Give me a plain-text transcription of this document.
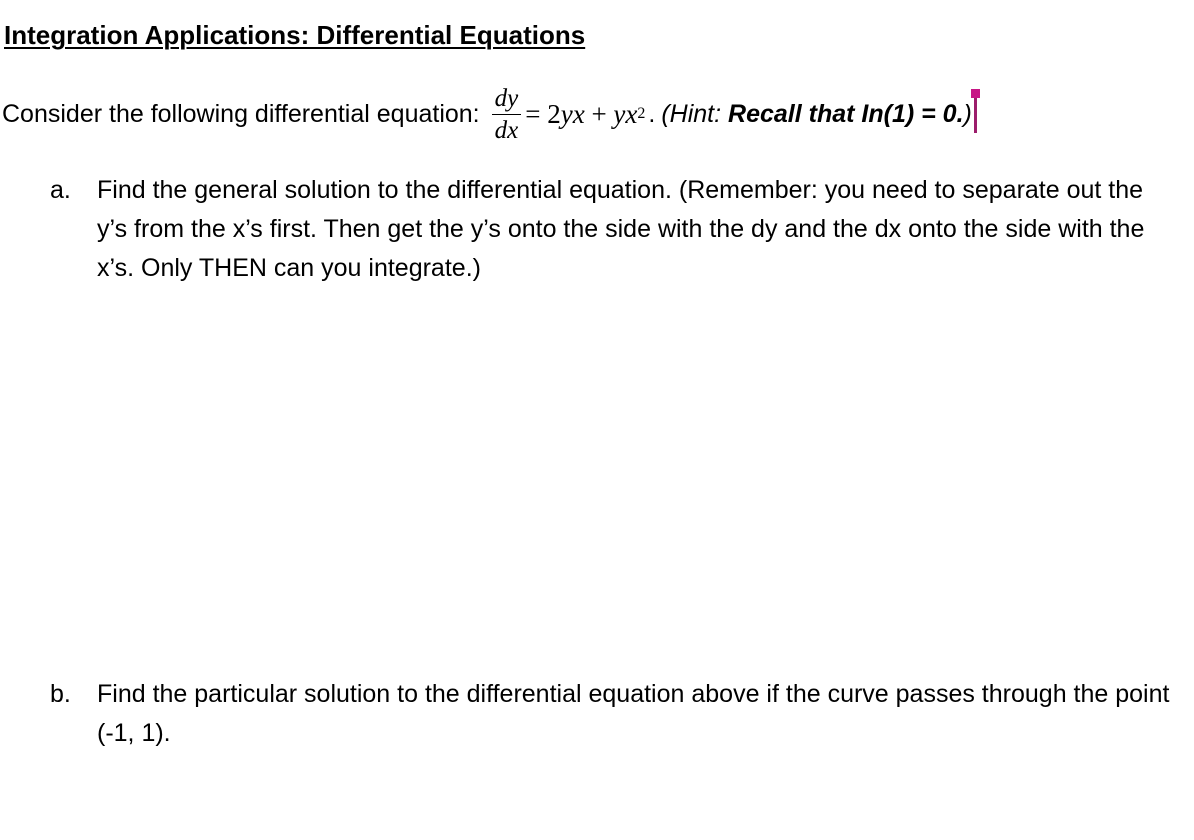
Integration Applications: Differential Equations
Consider the following differential equation: $\frac{dy}{dx} = 2$ yx + yx 2 . (Hint: Recall that In(1) = 0.)
a.	Find the general solution to the differential equation. (Remember: you need to separate out the y’s from the x’s first. Then get the y’s onto the side with the dy and the dx onto the side with the x’s. Only THEN can you integrate.)
b.	Find the particular solution to the differential equation above if the curve passes through the point (-1, 1).
